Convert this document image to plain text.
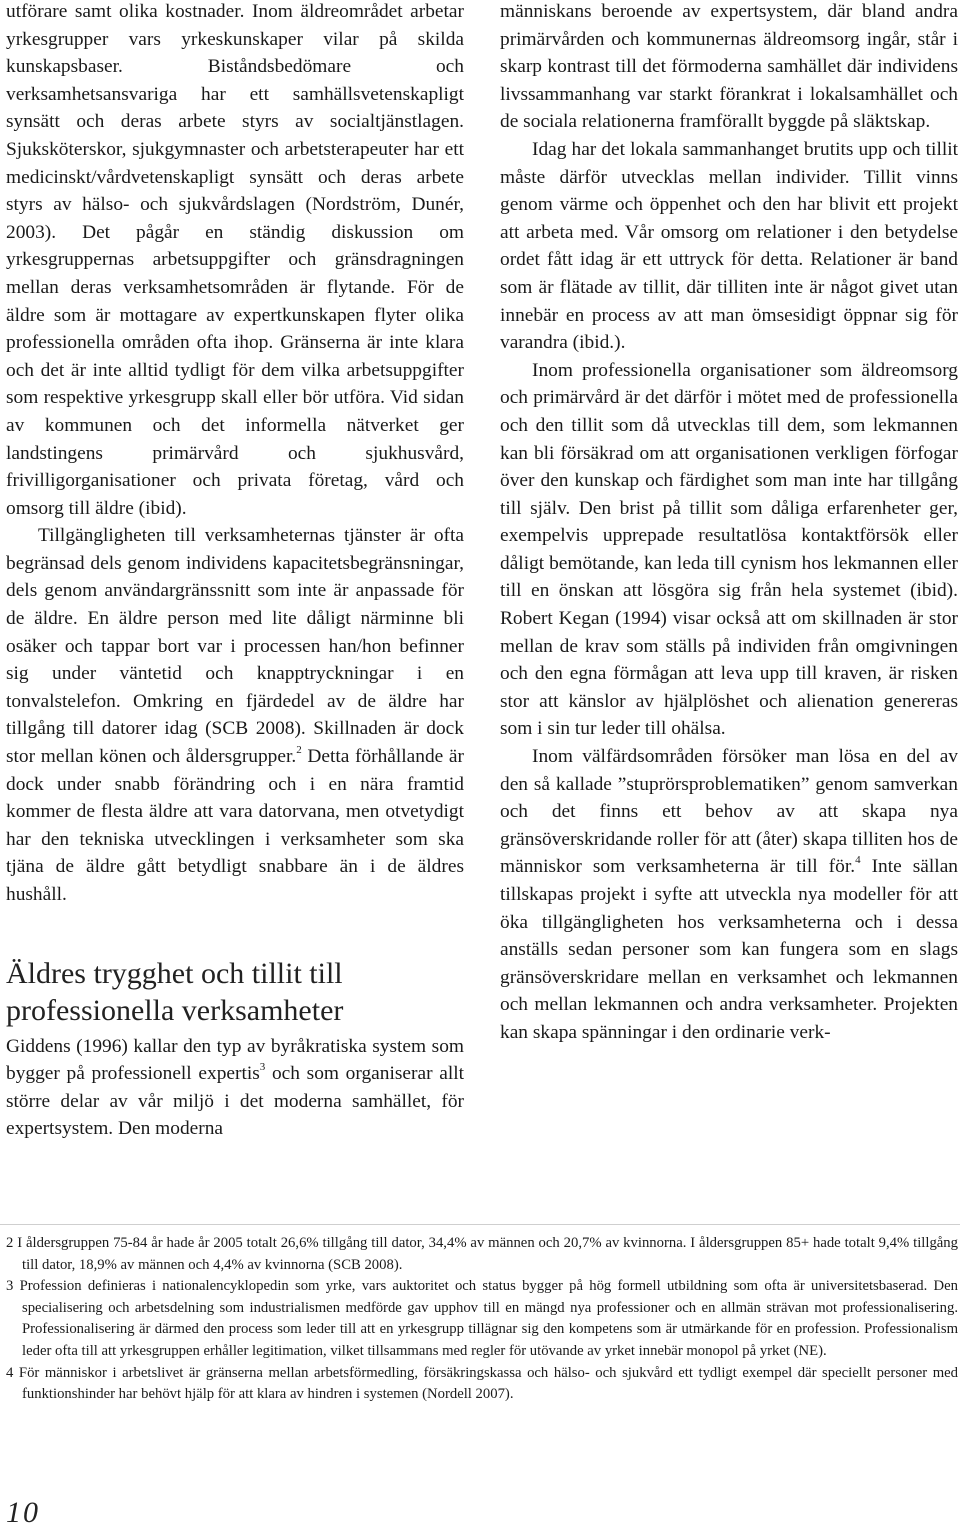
utförare samt olika kostnader. Inom äldreområdet arbetar yrkesgrupper vars yrkeskunskaper vilar på skilda kunskapsbaser. Biståndsbedömare och verksamhetsansvariga har ett samhällsvetenskapligt synsätt och deras arbete styrs av socialtjänstlagen. Sjuksköterskor, sjukgymnaster och arbetsterapeuter har ett medicinskt/vårdvetenskapligt synsätt och deras arbete styrs av hälso- och sjukvårdslagen (Nordström, Dunér, 2003). Det pågår en ständig diskussion om yrkesgruppernas arbetsuppgifter och gränsdragningen mellan deras verksamhetsområden är flytande. För de äldre som är mottagare av expertkunskapen flyter olika professionella områden ofta ihop. Gränserna är inte klara och det är inte alltid tydligt för dem vilka arbetsuppgifter som respektive yrkesgrupp skall eller bör utföra. Vid sidan av kommunen och det informella nätverket ger landstingens primärvård och sjukhusvård, frivilligorganisationer och privata företag, vård och omsorg till äldre (ibid).

Tillgängligheten till verksamheternas tjänster är ofta begränsad dels genom individens kapacitetsbegränsningar, dels genom användargränssnitt som inte är anpassade för de äldre. En äldre person med lite dåligt närminne bli osäker och tappar bort var i processen han/hon befinner sig under väntetid och knapptryckningar i en tonvalstelefon. Omkring en fjärdedel av de äldre har tillgång till datorer idag (SCB 2008). Skillnaden är dock stor mellan könen och åldersgrupper.$^2$ Detta förhållande är dock under snabb förändring och i en nära framtid kommer de flesta äldre att vara datorvana, men otvetydigt har den tekniska utvecklingen i verksamheter som ska tjäna de äldre gått betydligt snabbare än i de äldres hushåll.

Äldres trygghet och tillit till professionella verksamheter

Giddens (1996) kallar den typ av byråkratiska system som bygger på professionell expertis$^3$ och som organiserar allt större delar av vår miljö i det moderna samhället, för expertsystem. Den moderna

människans beroende av expertsystem, där bland andra primärvården och kommunernas äldreomsorg ingår, står i skarp kontrast till det förmoderna samhället där individens livssammanhang var starkt förankrat i lokalsamhället och de sociala relationerna framförallt byggde på släktskap.

Idag har det lokala sammanhanget brutits upp och tillit måste därför utvecklas mellan individer. Tillit vinns genom värme och öppenhet och den har blivit ett projekt att arbeta med. Vår omsorg om relationer i den betydelse ordet fått idag är ett uttryck för detta. Relationer är band som är flätade av tillit, där tilliten inte är något givet utan innebär en process av att man ömsesidigt öppnar sig för varandra (ibid.).

Inom professionella organisationer som äldreomsorg och primärvård är det därför i mötet med de professionella och den tillit som då utvecklas till dem, som lekmannen kan bli försäkrad om att organisationen verkligen förfogar över den kunskap och färdighet som man inte har tillgång till själv. Den brist på tillit som dåliga erfarenheter ger, exempelvis upprepade resultatlösa kontaktförsök eller dåligt bemötande, kan leda till cynism hos lekmannen eller till en önskan att lösgöra sig från hela systemet (ibid). Robert Kegan (1994) visar också att om skillnaden är stor mellan de krav som ställs på individen från omgivningen och den egna förmågan att leva upp till kraven, är risken stor att känslor av hjälplöshet och alienation genereras som i sin tur leder till ohälsa.

Inom välfärdsområden försöker man lösa en del av den så kallade ”stuprörsproblematiken” genom samverkan och det finns ett behov av att skapa nya gränsöverskridande roller för att (åter) skapa tilliten hos de människor som verksamheterna är till för.$^4$ Inte sällan tillskapas projekt i syfte att utveckla nya modeller för att öka tillgängligheten hos verksamheterna och i dessa anställs sedan personer som kan fungera som en slags gränsöverskridare mellan en verksamhet och lekmannen och mellan lekmannen och andra verksamheter. Projekten kan skapa spänningar i den ordinarie verk-

2 I åldersgruppen 75-84 år hade år 2005 totalt 26,6% tillgång till dator, 34,4% av männen och 20,7% av kvinnorna. I åldersgruppen 85+ hade totalt 9,4% tillgång till dator, 18,9% av männen och 4,4% av kvinnorna (SCB 2008).

3 Profession definieras i nationalencyklopedin som yrke, vars auktoritet och status bygger på hög formell utbildning som ofta är universitetsbaserad. Den specialisering och arbetsdelning som industrialismen medförde gav upphov till en mängd nya professioner och en allmän strävan mot professionalisering. Professionalisering är därmed den process som leder till att en yrkesgrupp tillägnar sig den kompetens som är utmärkande för en profession. Professionalism leder ofta till att yrkesgruppen erhåller legitimation, vilket tillsammans med regler för utövande av yrket innebär monopol på yrket (NE).

4 För människor i arbetslivet är gränserna mellan arbetsförmedling, försäkringskassa och hälso- och sjukvård ett tydligt exempel där speciellt personer med funktionshinder har behövt hjälp för att klara av hindren i systemen (Nordell 2007).

10
